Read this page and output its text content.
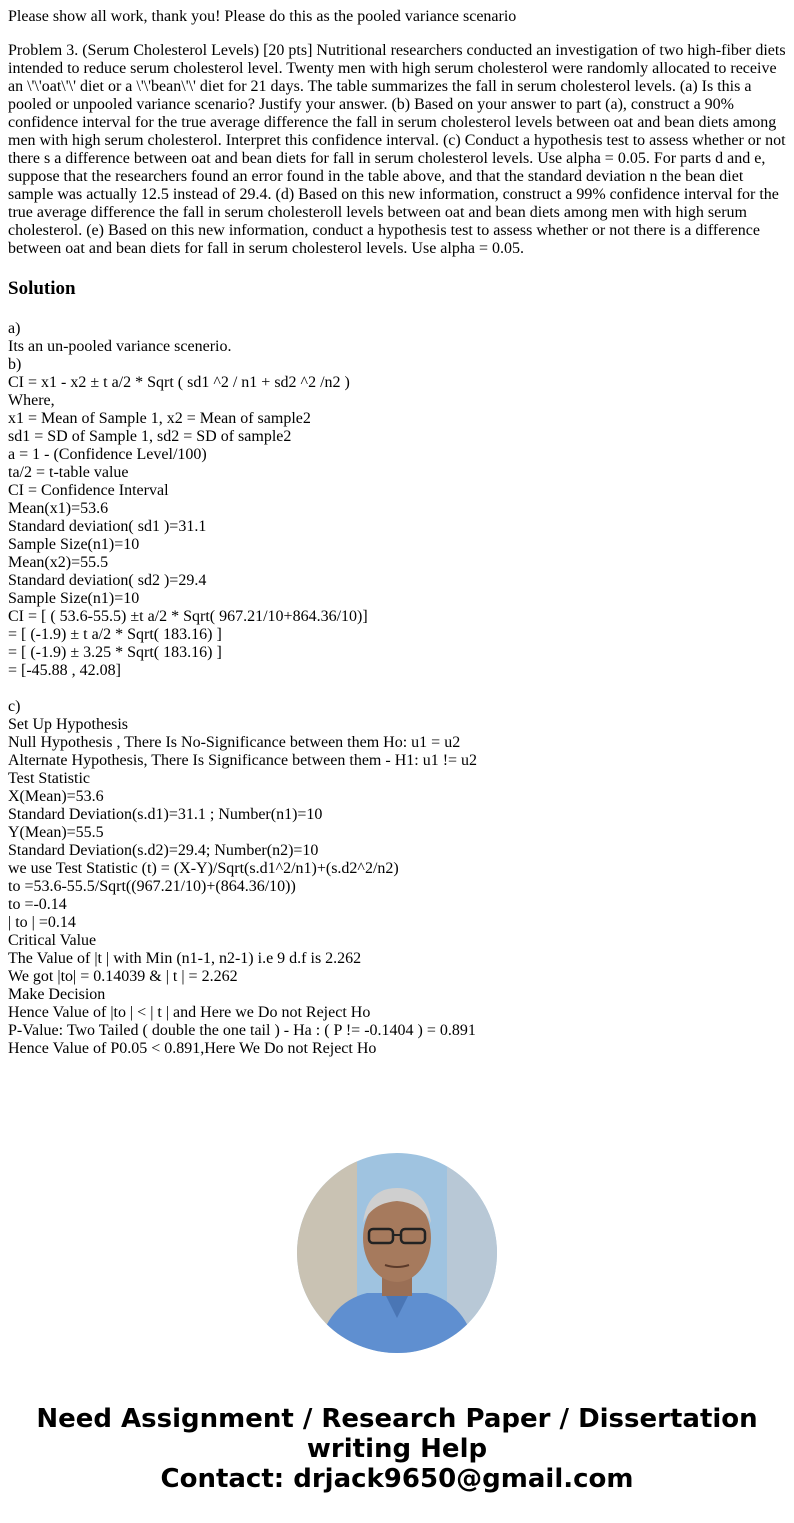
Please show all work, thank you! Please do this as the pooled variance scenario

Problem 3. (Serum Cholesterol Levels) [20 pts] Nutritional researchers conducted an investigation of two high-fiber diets intended to reduce serum cholesterol level. Twenty men with high serum cholesterol were randomly allocated to receive an \'\'oat\'\' diet or a \'\'bean\'\' diet for 21 days. The table summarizes the fall in serum cholesterol levels. (a) Is this a pooled or unpooled variance scenario? Justify your answer. (b) Based on your answer to part (a), construct a 90% confidence interval for the true average difference the fall in serum cholesterol levels between oat and bean diets among men with high serum cholesterol. Interpret this confidence interval. (c) Conduct a hypothesis test to assess whether or not there s a difference between oat and bean diets for fall in serum cholesterol levels. Use alpha = 0.05. For parts d and e, suppose that the researchers found an error found in the table above, and that the standard deviation n the bean diet sample was actually 12.5 instead of 29.4. (d) Based on this new information, construct a 99% confidence interval for the true average difference the fall in serum cholesteroll levels between oat and bean diets among men with high serum cholesterol. (e) Based on this new information, conduct a hypothesis test to assess whether or not there is a difference between oat and bean diets for fall in serum cholesterol levels. Use alpha = 0.05.

Solution
a)
Its an un-pooled variance scenerio.
b)
CI = x1 - x2 ± t a/2 * Sqrt ( sd1 ^2 / n1 + sd2 ^2 /n2 )
Where,
x1 = Mean of Sample 1, x2 = Mean of sample2
sd1 = SD of Sample 1, sd2 = SD of sample2
a = 1 - (Confidence Level/100)
ta/2 = t-table value
CI = Confidence Interval
Mean(x1)=53.6
Standard deviation( sd1 )=31.1
Sample Size(n1)=10
Mean(x2)=55.5
Standard deviation( sd2 )=29.4
Sample Size(n1)=10
CI = [ ( 53.6-55.5) ±t a/2 * Sqrt( 967.21/10+864.36/10)]
= [ (-1.9) ± t a/2 * Sqrt( 183.16) ]
= [ (-1.9) ± 3.25 * Sqrt( 183.16) ]
= [-45.88 , 42.08]
c)
Set Up Hypothesis
Null Hypothesis , There Is No-Significance between them Ho: u1 = u2
Alternate Hypothesis, There Is Significance between them - H1: u1 != u2
Test Statistic
X(Mean)=53.6
Standard Deviation(s.d1)=31.1 ; Number(n1)=10
Y(Mean)=55.5
Standard Deviation(s.d2)=29.4; Number(n2)=10
we use Test Statistic (t) = (X-Y)/Sqrt(s.d1^2/n1)+(s.d2^2/n2)
to =53.6-55.5/Sqrt((967.21/10)+(864.36/10))
to =-0.14
| to | =0.14
Critical Value
The Value of |t | with Min (n1-1, n2-1) i.e 9 d.f is 2.262
We got |to| = 0.14039 & | t | = 2.262
Make Decision
Hence Value of |to | < | t | and Here we Do not Reject Ho
P-Value: Two Tailed ( double the one tail ) - Ha : ( P != -0.1404 ) = 0.891
Hence Value of P0.05 < 0.891,Here We Do not Reject Ho
Need Assignment / Research Paper / Dissertation
writing Help
Contact: drjack9650@gmail.com
